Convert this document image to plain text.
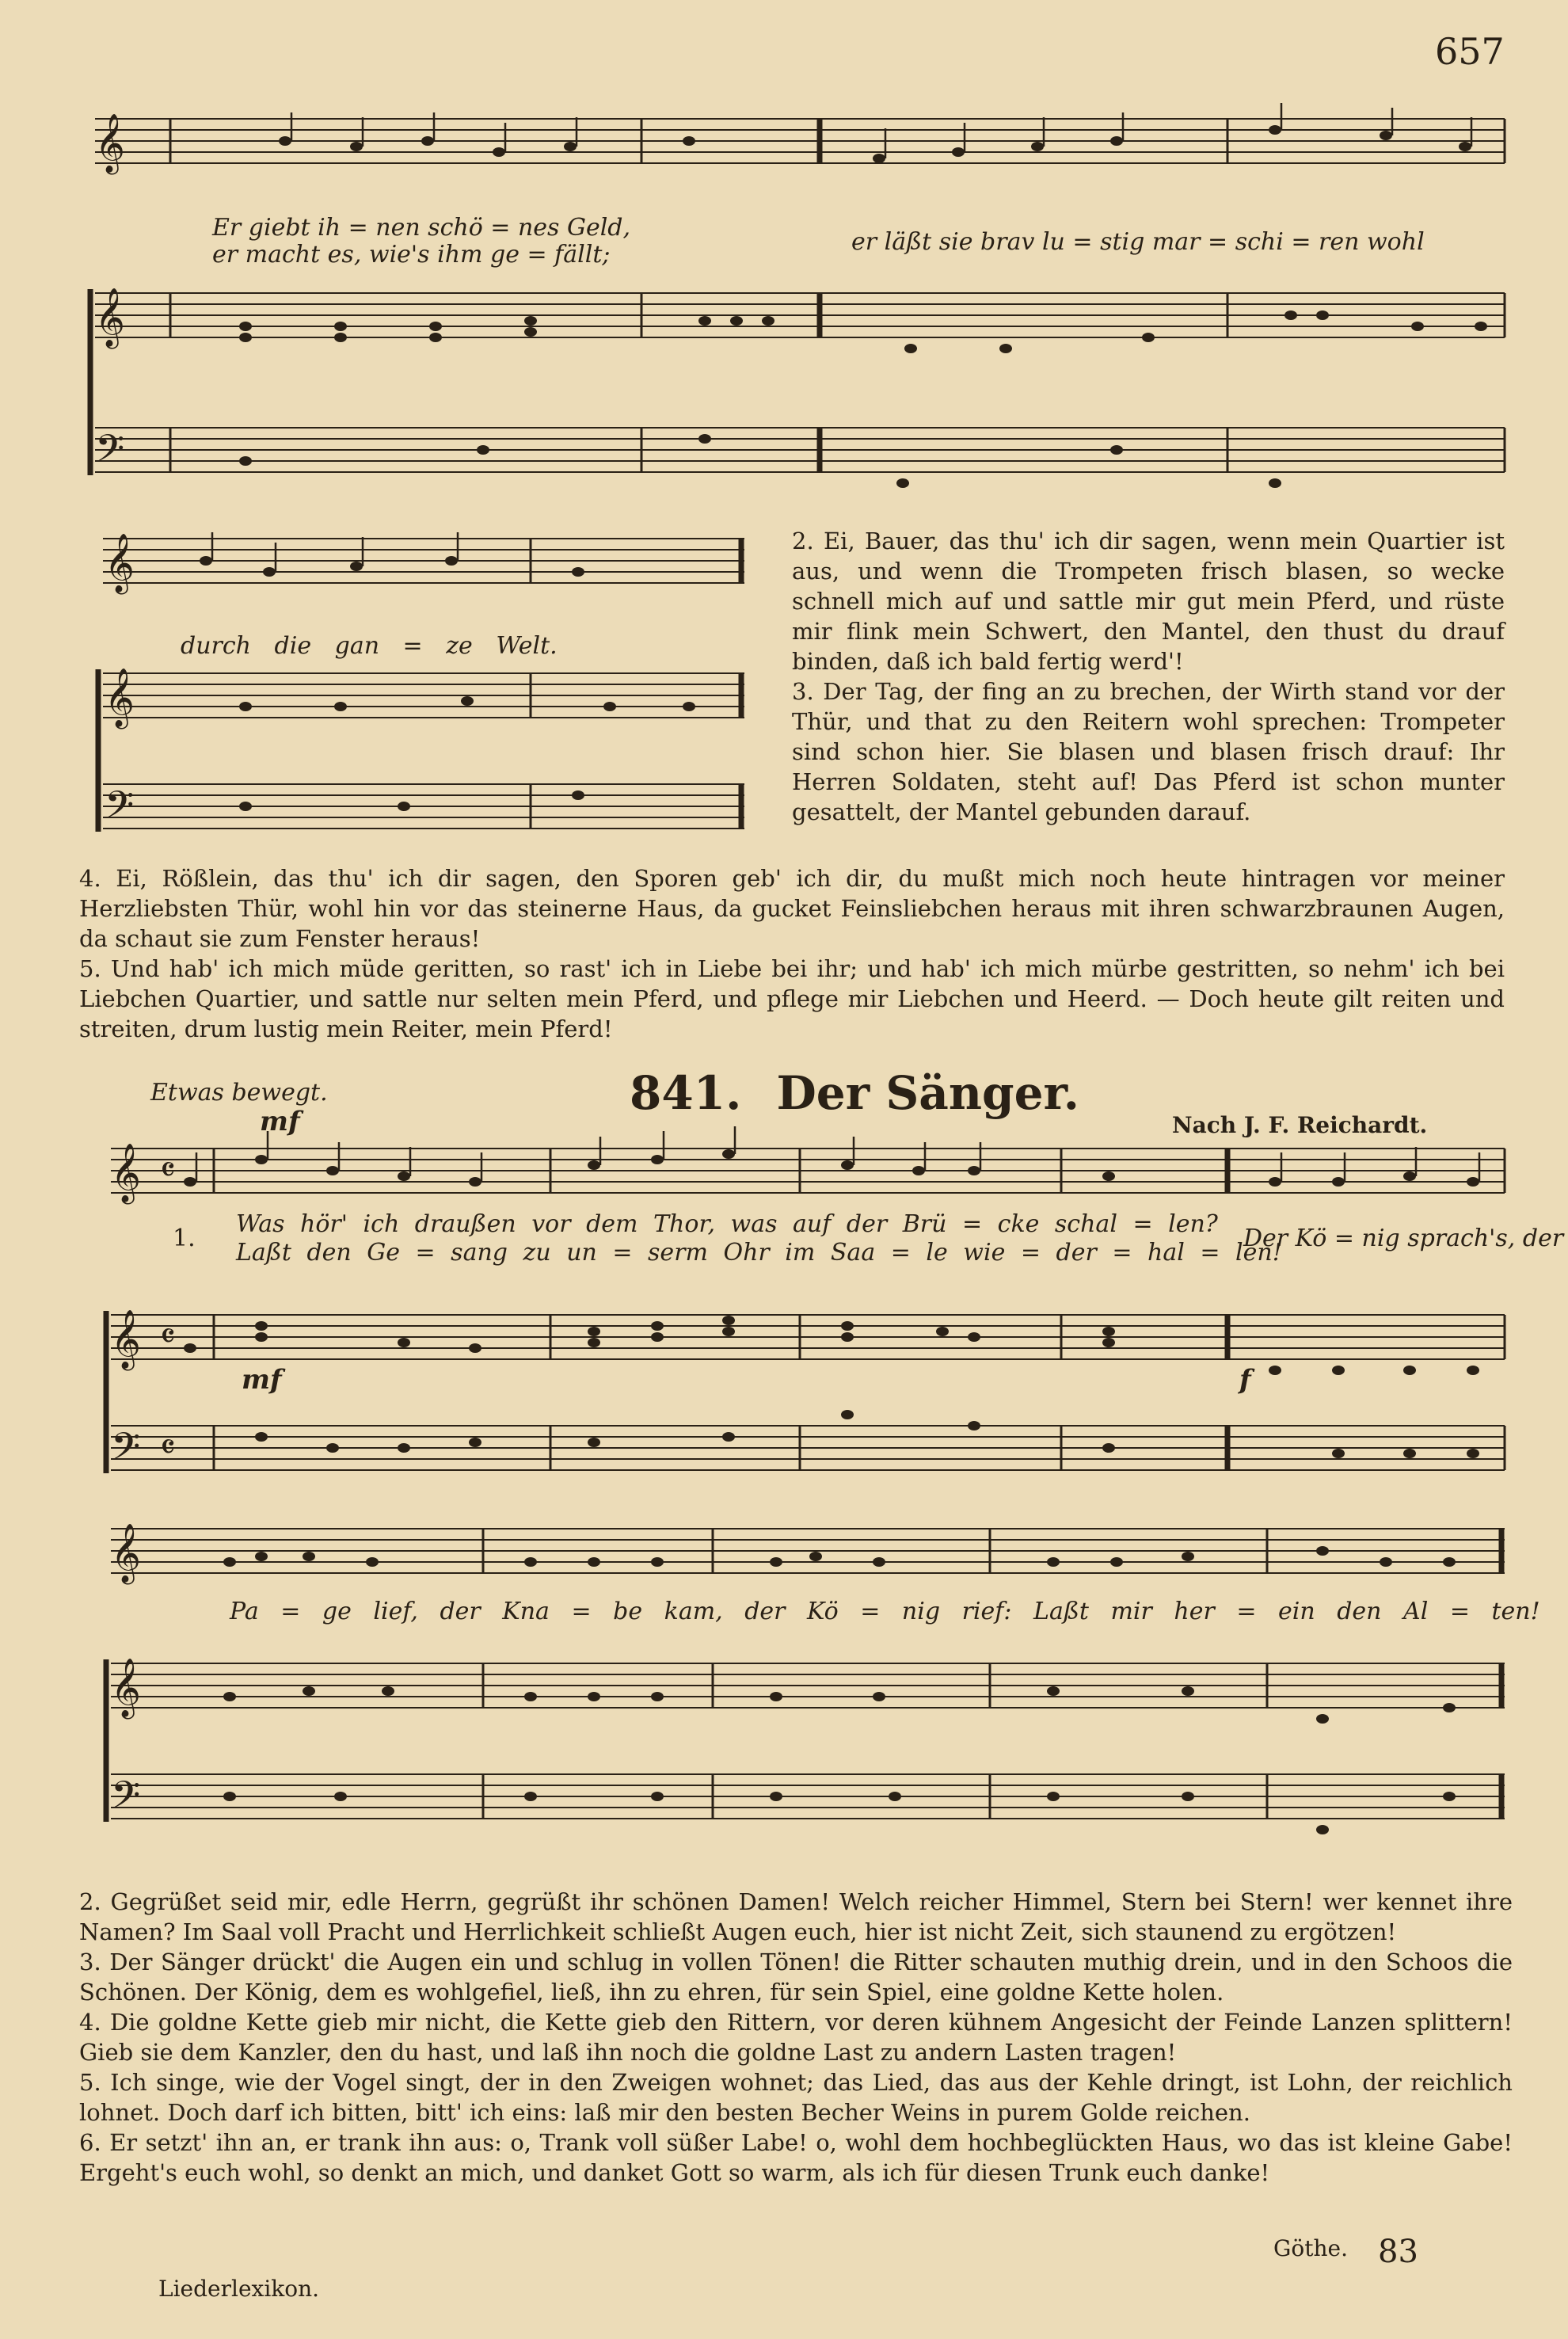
657
𝄞
𝄞
𝄢
Er giebt ih = nen schö = nes Geld,
er macht es, wie's ihm ge = fällt;	er läßt sie brav lu = stig mar = schi = ren wohl
𝄞
𝄞
𝄢
durch die gan = ze Welt.

2. Ei, Bauer, das thu' ich dir sagen, wenn mein Quartier ist aus, und wenn die Trompeten frisch blasen, so wecke schnell mich auf und sattle mir gut mein Pferd, und rüste mir flink mein Schwert, den Mantel, den thust du drauf binden, daß ich bald fertig werd'!

3. Der Tag, der fing an zu brechen, der Wirth stand vor der Thür, und that zu den Reitern wohl sprechen: Trompeter sind schon hier. Sie blasen und blasen frisch drauf: Ihr Herren Soldaten, steht auf! Das Pferd ist schon munter gesattelt, der Mantel gebunden darauf.

4. Ei, Rößlein, das thu' ich dir sagen, den Sporen geb' ich dir, du mußt mich noch heute hintragen vor meiner Herzliebsten Thür, wohl hin vor das steinerne Haus, da gucket Feinsliebchen heraus mit ihren schwarzbraunen Augen, da schaut sie zum Fenster heraus!

5. Und hab' ich mich müde geritten, so rast' ich in Liebe bei ihr; und hab' ich mich mürbe gestritten, so nehm' ich bei Liebchen Quartier, und sattle nur selten mein Pferd, und pflege mir Liebchen und Heerd. — Doch heute gilt reiten und streiten, drum lustig mein Reiter, mein Pferd!

Etwas bewegt.
mf
841. Der Sänger.
Nach J. F. Reichardt.
𝄞
𝄞
𝄢
𝄴
𝄴
𝄴
1.
Was hör' ich draußen vor dem Thor, was auf der Brü = cke schal = len?
Laßt den Ge = sang zu un = serm Ohr im Saa = le wie = der = hal = len!
Der Kö = nig sprach's, der
mf	f
𝄞
𝄞
𝄢
Pa = ge lief, der Kna = be kam, der Kö = nig rief: Laßt mir her = ein den Al = ten!

2. Gegrüßet seid mir, edle Herrn, gegrüßt ihr schönen Damen! Welch reicher Himmel, Stern bei Stern! wer kennet ihre Namen? Im Saal voll Pracht und Herrlichkeit schließt Augen euch, hier ist nicht Zeit, sich staunend zu ergötzen!

3. Der Sänger drückt' die Augen ein und schlug in vollen Tönen! die Ritter schauten muthig drein, und in den Schoos die Schönen. Der König, dem es wohlgefiel, ließ, ihn zu ehren, für sein Spiel, eine goldne Kette holen.

4. Die goldne Kette gieb mir nicht, die Kette gieb den Rittern, vor deren kühnem Angesicht der Feinde Lanzen splittern! Gieb sie dem Kanzler, den du hast, und laß ihn noch die goldne Last zu andern Lasten tragen!

5. Ich singe, wie der Vogel singt, der in den Zweigen wohnet; das Lied, das aus der Kehle dringt, ist Lohn, der reichlich lohnet. Doch darf ich bitten, bitt' ich eins: laß mir den besten Becher Weins in purem Golde reichen.

6. Er setzt' ihn an, er trank ihn aus: o, Trank voll süßer Labe! o, wohl dem hochbeglückten Haus, wo das ist kleine Gabe! Ergeht's euch wohl, so denkt an mich, und danket Gott so warm, als ich für diesen Trunk euch danke!

Göthe.
Liederlexikon.
83
